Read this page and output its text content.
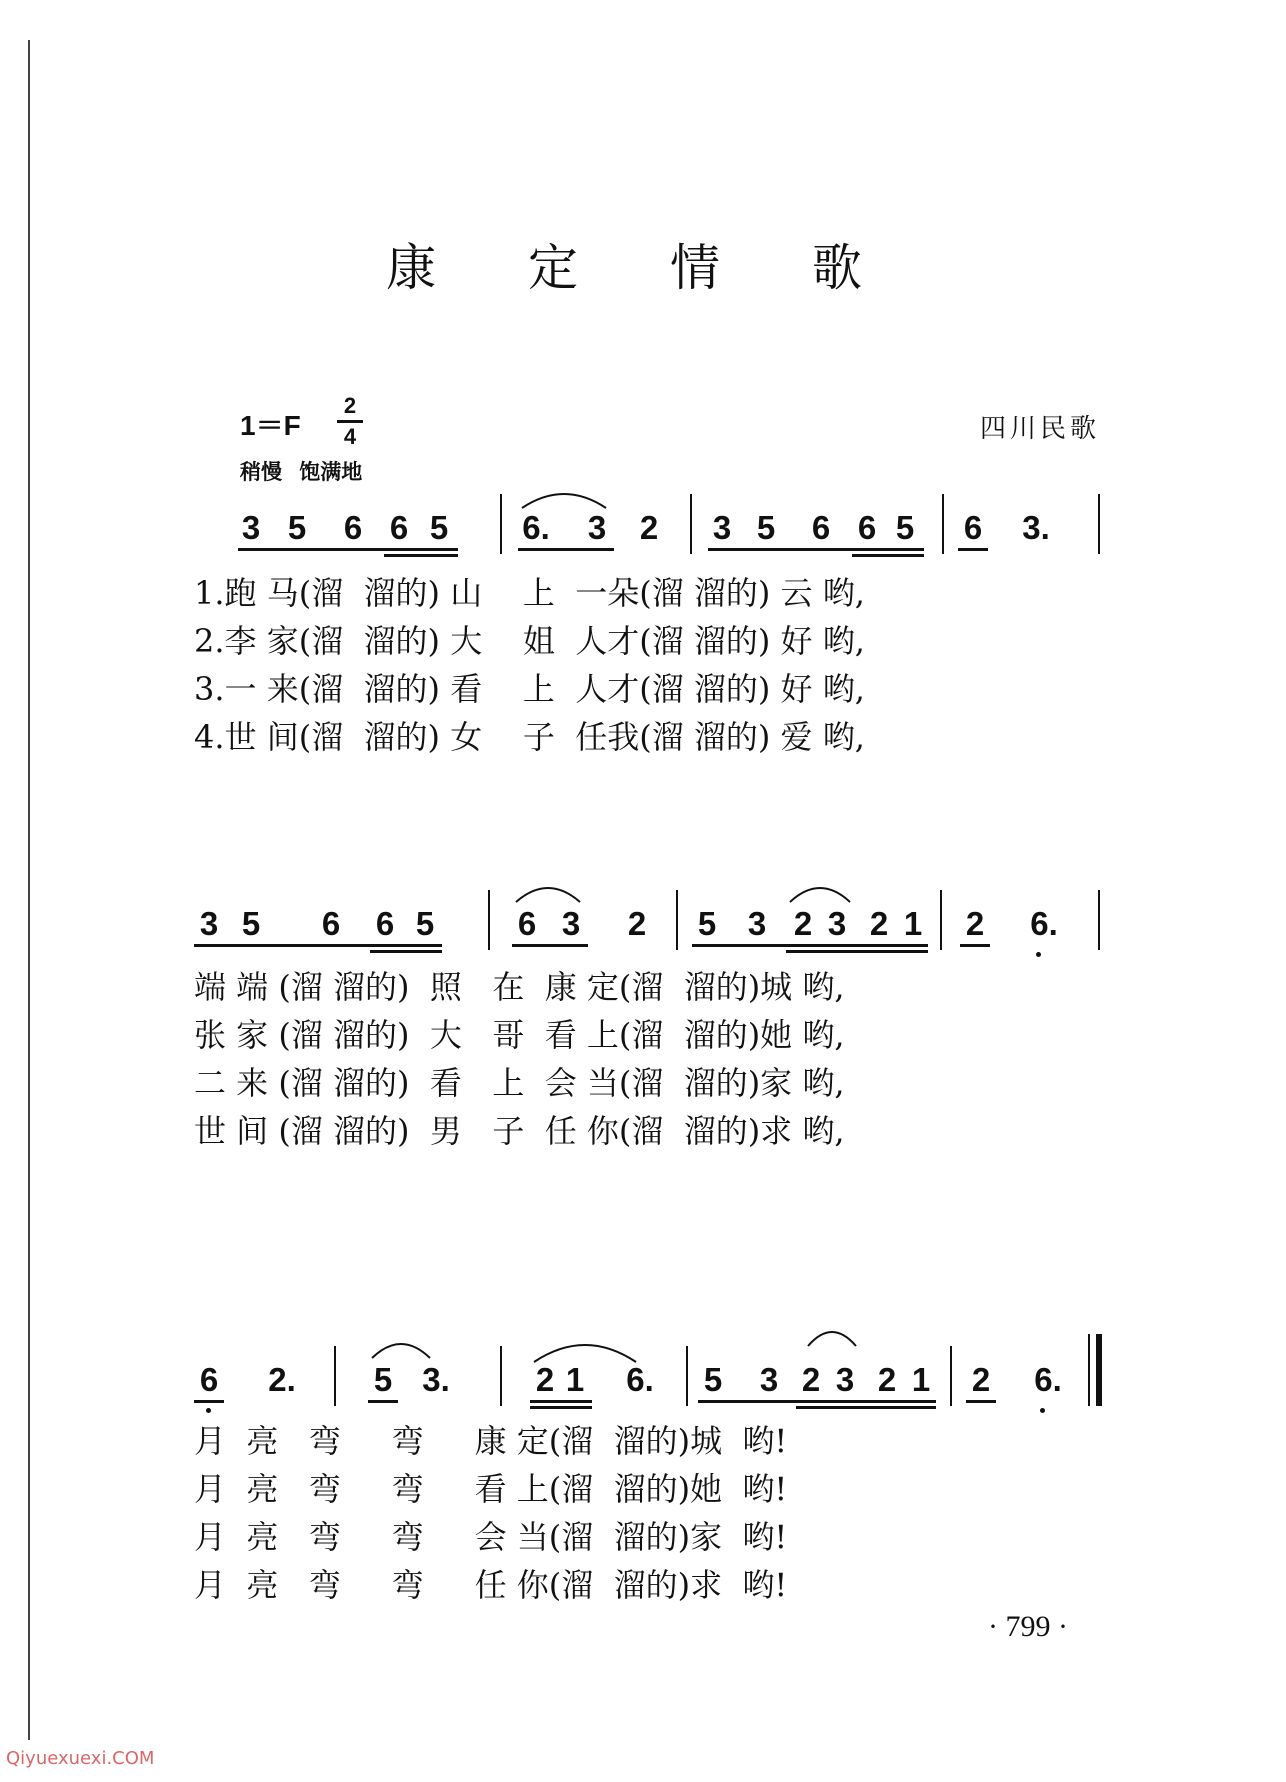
康 定 情 歌
1＝F
2
4	四川民歌
稍慢 饱满地
3 5 6 6 5 6. 3 2 3 5 6 6 5 6 3.
1.跑 马(溜  溜的) 山    上  一朵(溜 溜的) 云 哟,
2.李 家(溜  溜的) 大    姐  人才(溜 溜的) 好 哟,
3.一 来(溜  溜的) 看    上  人才(溜 溜的) 好 哟,
4.世 间(溜  溜的) 女    子  任我(溜 溜的) 爱 哟,
3 5 6 6 5	6 3 2 5 3 2 3 2 1 2 6.
端 端 (溜 溜的)  照   在  康 定(溜  溜的)城 哟,
张 家 (溜 溜的)  大   哥  看 上(溜  溜的)她 哟,
二 来 (溜 溜的)  看   上  会 当(溜  溜的)家 哟,
世 间 (溜 溜的)  男   子  任 你(溜  溜的)求 哟,
6 2. 5 3.	2 1 6. 5 3 2 3 2 1 2 6.
月  亮   弯     弯     康 定(溜  溜的)城  哟!
月  亮   弯     弯     看 上(溜  溜的)她  哟!
月  亮   弯     弯     会 当(溜  溜的)家  哟!
月  亮   弯     弯     任 你(溜  溜的)求  哟!
· 799 ·
Qiyuexuexi.COM
